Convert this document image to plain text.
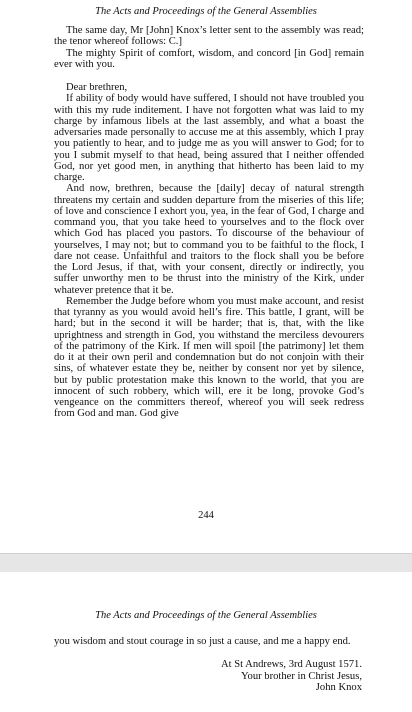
The Acts and Proceedings of the General Assemblies

The same day, Mr [John] Knox’s letter sent to the assembly was read; the tenor whereof follows: C.]

The mighty Spirit of comfort, wisdom, and concord [in God] remain ever with you.

Dear brethren,

If ability of body would have suffered, I should not have troubled you with this my rude inditement. I have not forgotten what was laid to my charge by infamous libels at the last assembly, and what a boast the adversaries made personally to accuse me at this assembly, which I pray you patiently to hear, and to judge me as you will answer to God; for to you I submit myself to that head, being assured that I neither offended God, nor yet good men, in anything that hitherto has been laid to my charge.

And now, brethren, because the [daily] decay of natural strength threatens my certain and sudden departure from the miseries of this life; of love and conscience I exhort you, yea, in the fear of God, I charge and command you, that you take heed to yourselves and to the flock over which God has placed you pastors. To discourse of the behaviour of yourselves, I may not; but to command you to be faithful to the flock, I dare not cease. Unfaithful and traitors to the flock shall you be before the Lord Jesus, if that, with your consent, directly or indirectly, you suffer unworthy men to be thrust into the ministry of the Kirk, under whatever pretence that it be.

Remember the Judge before whom you must make account, and resist that tyranny as you would avoid hell’s fire. This battle, I grant, will be hard; but in the second it will be harder; that is, that, with the like uprightness and strength in God, you withstand the merciless devourers of the patrimony of the Kirk. If men will spoil [the patrimony] let them do it at their own peril and condemnation but do not conjoin with their sins, of whatever estate they be, neither by consent nor yet by silence, but by public protestation make this known to the world, that you are innocent of such robbery, which will, ere it be long, provoke God’s vengeance on the committers thereof, whereof you will seek redress from God and man. God give

244
The Acts and Proceedings of the General Assemblies

you wisdom and stout courage in so just a cause, and me a happy end.

At St Andrews, 3rd August 1571.
Your brother in Christ Jesus,
John Knox
